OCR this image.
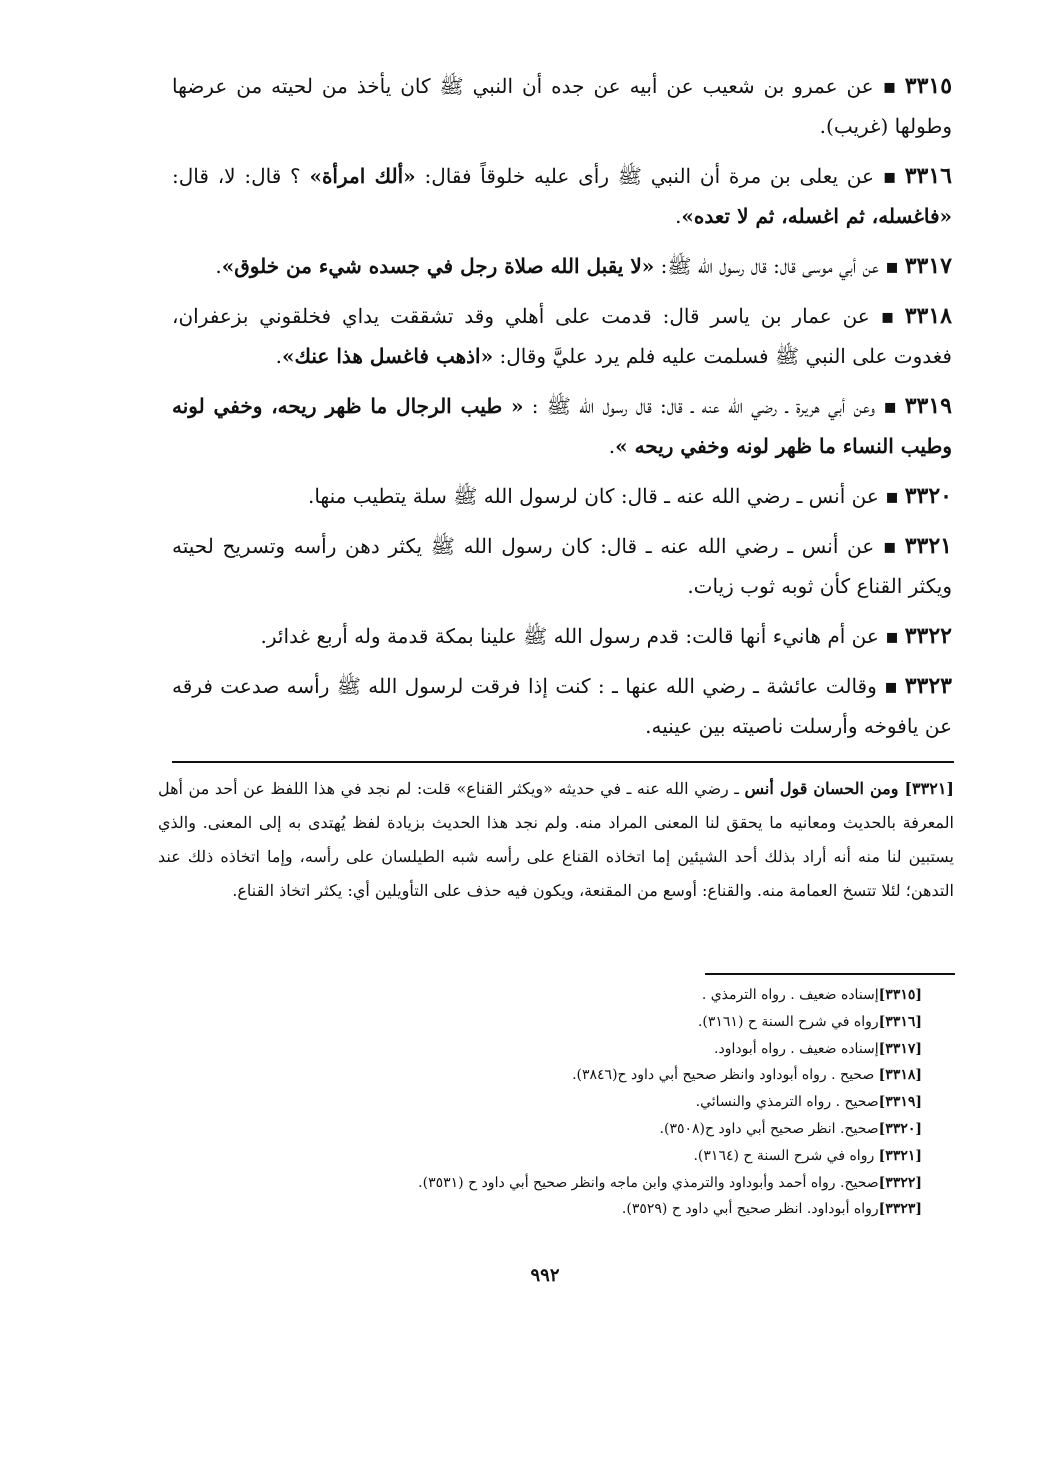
٣٣١٥▪ عن عمرو بن شعيب عن أبيه عن جده أن النبي ﷺ كان يأخذ من لحيته من عرضها وطولها (غريب).

٣٣١٦▪ عن يعلى بن مرة أن النبي ﷺ رأى عليه خلوقاً فقال: «ألك امرأة» ؟ قال: لا، قال: «فاغسله، ثم اغسله، ثم لا تعده».

٣٣١٧▪ عن أبي موسى قال: قال رسول الله ﷺ: «لا يقبل الله صلاة رجل في جسده شيء من خلوق».

٣٣١٨▪ عن عمار بن ياسر قال: قدمت على أهلي وقد تشققت يداي فخلقوني بزعفران، فغدوت على النبي ﷺ فسلمت عليه فلم يرد عليَّ وقال: «اذهب فاغسل هذا عنك».

٣٣١٩▪ وعن أبي هريرة ـ رضي الله عنه ـ قال: قال رسول الله ﷺ : « طيب الرجال ما ظهر ريحه، وخفي لونه وطيب النساء ما ظهر لونه وخفي ريحه ».

٣٣٢٠▪ عن أنس ـ رضي الله عنه ـ قال: كان لرسول الله ﷺ سلة يتطيب منها.

٣٣٢١▪ عن أنس ـ رضي الله عنه ـ قال: كان رسول الله ﷺ يكثر دهن رأسه وتسريح لحيته ويكثر القناع كأن ثوبه ثوب زيات.

٣٣٢٢▪ عن أم هانيء أنها قالت: قدم رسول الله ﷺ علينا بمكة قدمة وله أربع غدائر.

٣٣٢٣▪ وقالت عائشة ـ رضي الله عنها ـ : كنت إذا فرقت لرسول الله ﷺ رأسه صدعت فرقه عن يافوخه وأرسلت ناصيته بين عينيه.

[٣٣٢١] ومن الحسان قول أنس ـ رضي الله عنه ـ في حديثه «ويكثر القناع» قلت: لم نجد في هذا اللفظ عن أحد من أهل المعرفة بالحديث ومعانيه ما يحقق لنا المعنى المراد منه. ولم نجد هذا الحديث بزيادة لفظ يُهتدى به إلى المعنى. والذي يستبين لنا منه أنه أراد بذلك أحد الشيئين إما اتخاذه القناع على رأسه شبه الطيلسان على رأسه، وإما اتخاذه ذلك عند التدهن؛ لئلا تتسخ العمامة منه. والقناع: أوسع من المقنعة، ويكون فيه حذف على التأويلين أي: يكثر اتخاذ القناع.
[٣٣١٥]إسناده ضعيف . رواه الترمذي .
[٣٣١٦]رواه في شرح السنة ح (٣١٦١).
[٣٣١٧]إسناده ضعيف . رواه أبوداود.
[٣٣١٨] صحيح . رواه أبوداود وانظر صحيح أبي داود ح(٣٨٤٦).
[٣٣١٩]صحيح . رواه الترمذي والنسائي.
[٣٣٢٠]صحيح. انظر صحيح أبي داود ح(٣٥٠٨).
[٣٣٢١] رواه في شرح السنة ح (٣١٦٤).
[٣٣٢٢]صحيح. رواه أحمد وأبوداود والترمذي وابن ماجه وانظر صحيح أبي داود ح (٣٥٣١).
[٣٣٢٣]رواه أبوداود. انظر صحيح أبي داود ح (٣٥٢٩).
٩٩٢
